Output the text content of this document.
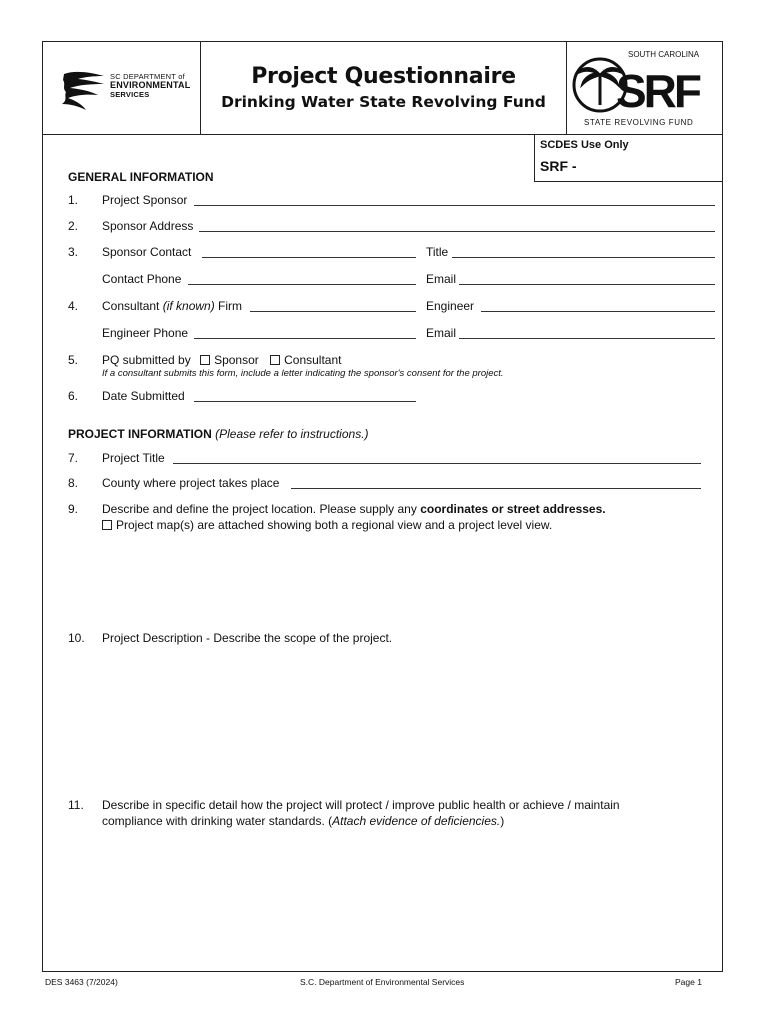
SC DEPARTMENT of
ENVIRONMENTAL
SERVICES
Project Questionnaire
Drinking Water State Revolving Fund
SOUTH CAROLINA
SRF
STATE REVOLVING FUND
SCDES Use Only
SRF -
GENERAL INFORMATION
1. Project Sponsor
2. Sponsor Address
3. Sponsor Contact	Title
Contact Phone	Email
4. Consultant (if known) Firm	Engineer
Engineer Phone	Email
5. PQ submitted by Sponsor Consultant
If a consultant submits this form, include a letter indicating the sponsor's consent for the project.
6. Date Submitted
PROJECT INFORMATION (Please refer to instructions.)
7. Project Title
8. County where project takes place
9. Describe and define the project location. Please supply any coordinates or street addresses.
Project map(s) are attached showing both a regional view and a project level view.
10. Project Description - Describe the scope of the project.
11. Describe in specific detail how the project will protect / improve public health or achieve / maintain
compliance with drinking water standards. (Attach evidence of deficiencies.)
DES 3463 (7/2024)	S.C. Department of Environmental Services	Page 1
